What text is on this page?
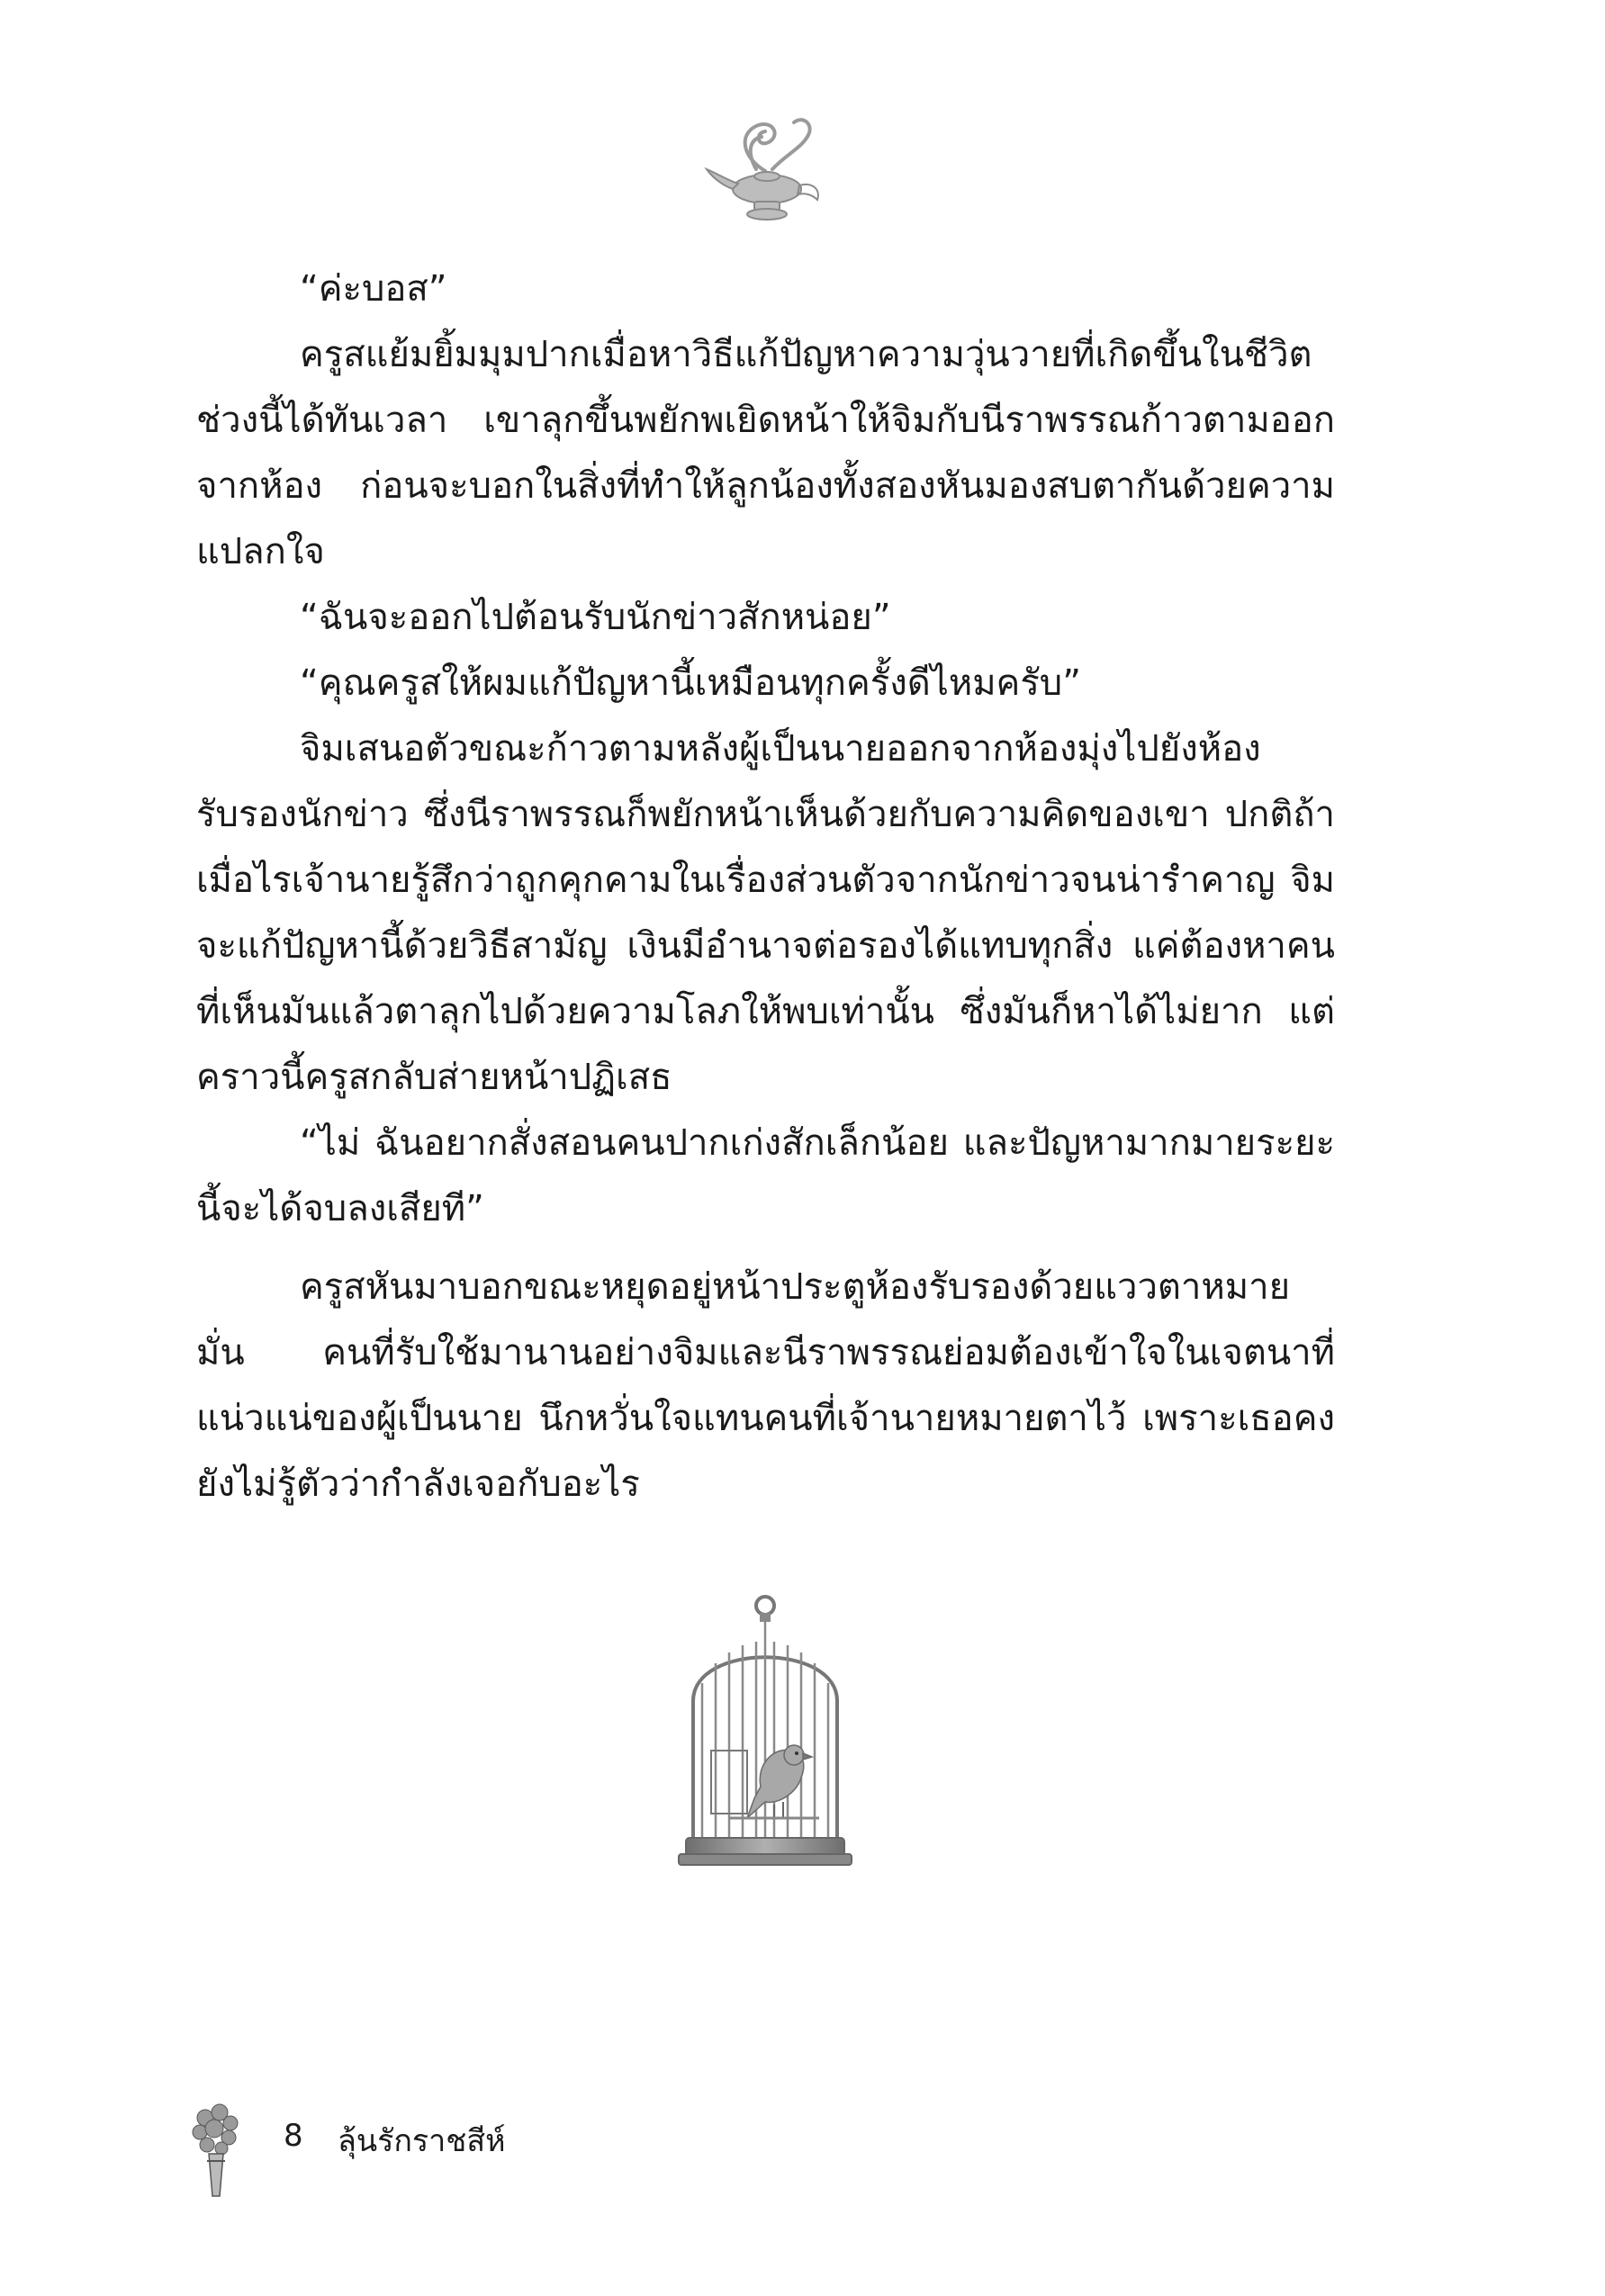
“ค่ะบอส”

ครูสแย้มยิ้มมุมปากเมื่อหาวิธีแก้ปัญหาความวุ่นวายที่เกิดขึ้นในชีวิตช่วงนี้ได้ทันเวลา เขาลุกขึ้นพยักพเยิดหน้าให้จิมกับนีราพรรณก้าวตามออกจากห้อง ก่อนจะบอกในสิ่งที่ทำให้ลูกน้องทั้งสองหันมองสบตากันด้วยความแปลกใจ

“ฉันจะออกไปต้อนรับนักข่าวสักหน่อย”

“คุณครูสให้ผมแก้ปัญหานี้เหมือนทุกครั้งดีไหมครับ”

จิมเสนอตัวขณะก้าวตามหลังผู้เป็นนายออกจากห้องมุ่งไปยังห้องรับรองนักข่าว ซึ่งนีราพรรณก็พยักหน้าเห็นด้วยกับความคิดของเขา ปกติถ้าเมื่อไรเจ้านายรู้สึกว่าถูกคุกคามในเรื่องส่วนตัวจากนักข่าวจนน่ารำคาญ จิมจะแก้ปัญหานี้ด้วยวิธีสามัญ เงินมีอำนาจต่อรองได้แทบทุกสิ่ง แค่ต้องหาคนที่เห็นมันแล้วตาลุกไปด้วยความโลภให้พบเท่านั้น ซึ่งมันก็หาได้ไม่ยาก แต่คราวนี้ครูสกลับส่ายหน้าปฏิเสธ

“ไม่ ฉันอยากสั่งสอนคนปากเก่งสักเล็กน้อย และปัญหามากมายระยะนี้จะได้จบลงเสียที”

ครูสหันมาบอกขณะหยุดอยู่หน้าประตูห้องรับรองด้วยแววตาหมายมั่น คนที่รับใช้มานานอย่างจิมและนีราพรรณย่อมต้องเข้าใจในเจตนาที่แน่วแน่ของผู้เป็นนาย นึกหวั่นใจแทนคนที่เจ้านายหมายตาไว้ เพราะเธอคงยังไม่รู้ตัวว่ากำลังเจอกับอะไร

8 ลุ้นรักราชสีห์
